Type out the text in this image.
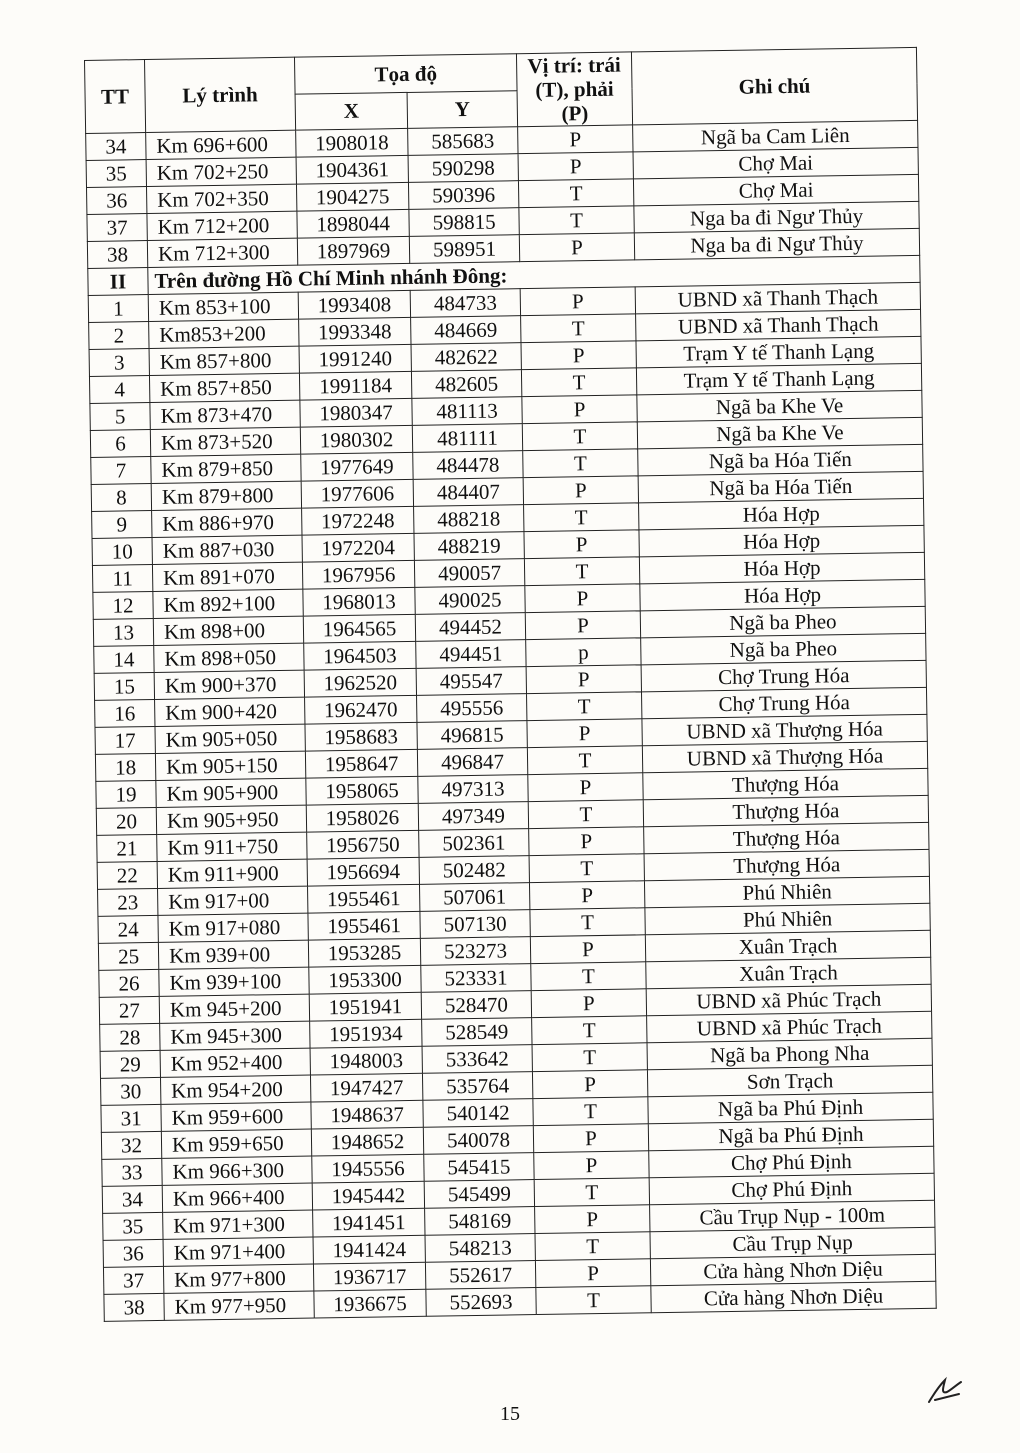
TT	Lý trình	Tọa độ		Vị trí: trái (T), phải (P)	Ghi chú
		X	Y		
34	Km 696+600	1908018	585683	P	Ngã ba Cam Liên
35	Km 702+250	1904361	590298	P	Chợ Mai
36	Km 702+350	1904275	590396	T	Chợ Mai
37	Km 712+200	1898044	598815	T	Nga ba đi Ngư Thủy
38	Km 712+300	1897969	598951	P	Nga ba đi Ngư Thủy
II	Trên đường Hồ Chí Minh nhánh Đông:				
1	Km 853+100	1993408	484733	P	UBND xã Thanh Thạch
2	Km853+200	1993348	484669	T	UBND xã Thanh Thạch
3	Km 857+800	1991240	482622	P	Trạm Y tế Thanh Lạng
4	Km 857+850	1991184	482605	T	Trạm Y tế Thanh Lạng
5	Km 873+470	1980347	481113	P	Ngã ba Khe Ve
6	Km 873+520	1980302	481111	T	Ngã ba Khe Ve
7	Km 879+850	1977649	484478	T	Ngã ba Hóa Tiến
8	Km 879+800	1977606	484407	P	Ngã ba Hóa Tiến
9	Km 886+970	1972248	488218	T	Hóa Hợp
10	Km 887+030	1972204	488219	P	Hóa Hợp
11	Km 891+070	1967956	490057	T	Hóa Hợp
12	Km 892+100	1968013	490025	P	Hóa Hợp
13	Km 898+00	1964565	494452	P	Ngã ba Pheo
14	Km 898+050	1964503	494451	p	Ngã ba Pheo
15	Km 900+370	1962520	495547	P	Chợ Trung Hóa
16	Km 900+420	1962470	495556	T	Chợ Trung Hóa
17	Km 905+050	1958683	496815	P	UBND xã Thượng Hóa
18	Km 905+150	1958647	496847	T	UBND xã Thượng Hóa
19	Km 905+900	1958065	497313	P	Thượng Hóa
20	Km 905+950	1958026	497349	T	Thượng Hóa
21	Km 911+750	1956750	502361	P	Thượng Hóa
22	Km 911+900	1956694	502482	T	Thượng Hóa
23	Km 917+00	1955461	507061	P	Phú Nhiên
24	Km 917+080	1955461	507130	T	Phú Nhiên
25	Km 939+00	1953285	523273	P	Xuân Trạch
26	Km 939+100	1953300	523331	T	Xuân Trạch
27	Km 945+200	1951941	528470	P	UBND xã Phúc Trạch
28	Km 945+300	1951934	528549	T	UBND xã Phúc Trạch
29	Km 952+400	1948003	533642	T	Ngã ba Phong Nha
30	Km 954+200	1947427	535764	P	Sơn Trạch
31	Km 959+600	1948637	540142	T	Ngã ba Phú Định
32	Km 959+650	1948652	540078	P	Ngã ba Phú Định
33	Km 966+300	1945556	545415	P	Chợ Phú Định
34	Km 966+400	1945442	545499	T	Chợ Phú Định
35	Km 971+300	1941451	548169	P	Cầu Trụp Nụp - 100m
36	Km 971+400	1941424	548213	T	Cầu Trụp Nụp
37	Km 977+800	1936717	552617	P	Cửa hàng Nhơn Diệu
38	Km 977+950	1936675	552693	T	Cửa hàng Nhơn Diệu
15
